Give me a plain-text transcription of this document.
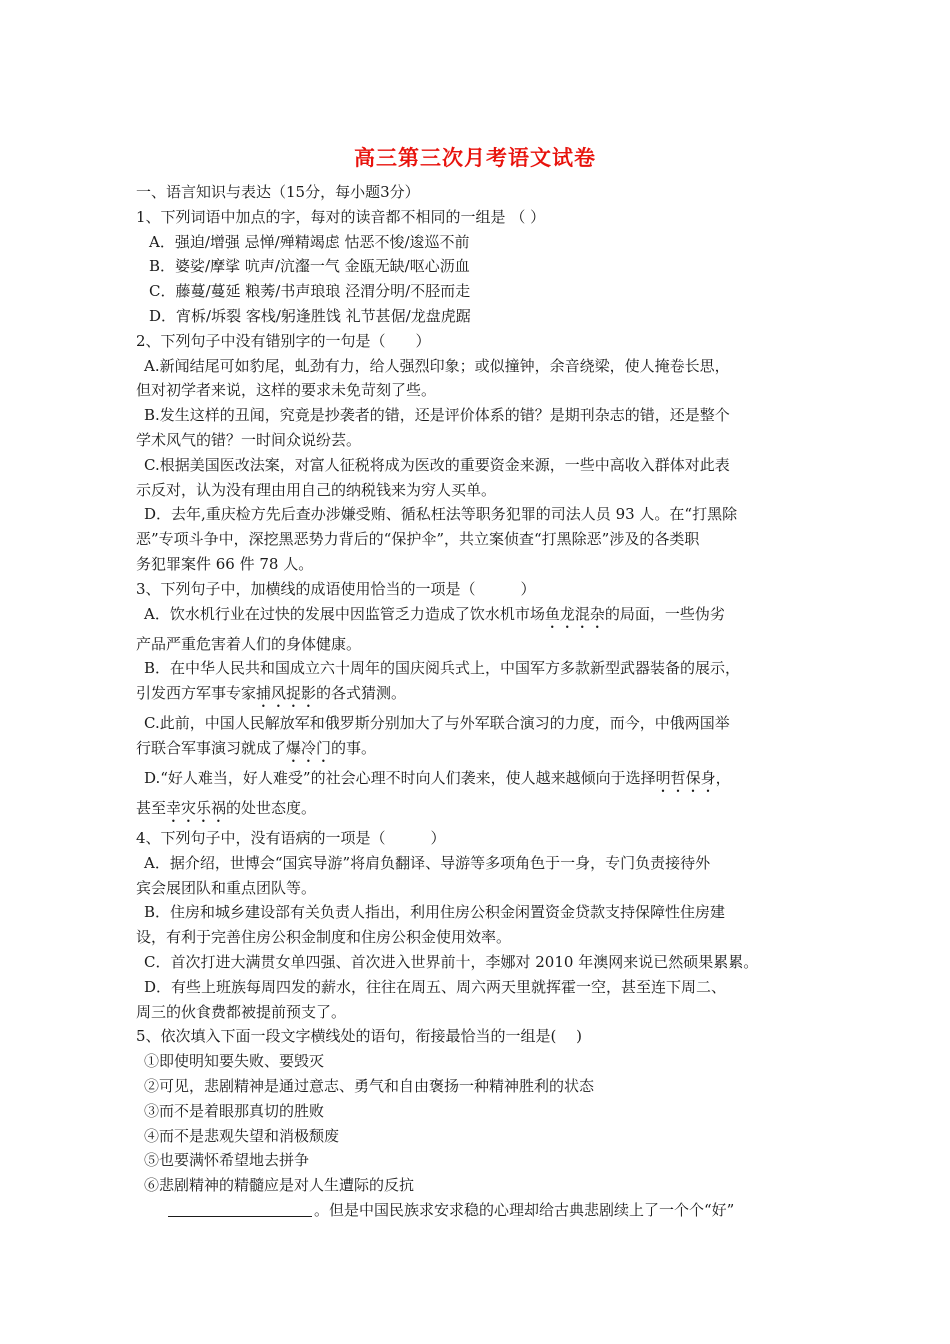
高三第三次月考语文试卷

一、语言知识与表达（15分，每小题3分）

1、下列词语中加点的字，每对的读音都不相同的一组是 （ ）

A．强迫/增强 忌惮/殚精竭虑 怙恶不悛/逡巡不前

B．婆娑/摩挲 吭声/沆瀣一气 金瓯无缺/呕心沥血

C．藤蔓/蔓延 粮莠/书声琅琅 泾渭分明/不胫而走

D．宵柝/坼裂 客栈/躬逢胜饯 礼节甚倨/龙盘虎踞

2、下列句子中没有错别字的一句是（　　）

A.新闻结尾可如豹尾，虬劲有力，给人强烈印象；或似撞钟，余音绕梁，使人掩卷长思，

但对初学者来说，这样的要求未免苛刻了些。

B.发生这样的丑闻，究竟是抄袭者的错，还是评价体系的错？是期刊杂志的错，还是整个

学术风气的错？一时间众说纷芸。

C.根据美国医改法案，对富人征税将成为医改的重要资金来源，一些中高收入群体对此表

示反对，认为没有理由用自己的纳税钱来为穷人买单。

D．去年,重庆检方先后查办涉嫌受贿、循私枉法等职务犯罪的司法人员 93 人。在“打黑除

恶”专项斗争中，深挖黑恶势力背后的“保护伞”，共立案侦查“打黑除恶”涉及的各类职

务犯罪案件 66 件 78 人。

3、下列句子中，加横线的成语使用恰当的一项是（　　　）

A．饮水机行业在过快的发展中因监管乏力造成了饮水机市场鱼龙混杂的局面，一些伪劣

产品严重危害着人们的身体健康。

B．在中华人民共和国成立六十周年的国庆阅兵式上，中国军方多款新型武器装备的展示，

引发西方军事专家捕风捉影的各式猜测。

C.此前，中国人民解放军和俄罗斯分别加大了与外军联合演习的力度，而今，中俄两国举

行联合军事演习就成了爆冷门的事。

D.“好人难当，好人难受”的社会心理不时向人们袭来，使人越来越倾向于选择明哲保身，

甚至幸灾乐祸的处世态度。

4、下列句子中，没有语病的一项是（　　　）

A．据介绍，世博会“国宾导游”将肩负翻译、导游等多项角色于一身，专门负责接待外

宾会展团队和重点团队等。

B．住房和城乡建设部有关负责人指出，利用住房公积金闲置资金贷款支持保障性住房建

设，有利于完善住房公积金制度和住房公积金使用效率。

C．首次打进大满贯女单四强、首次进入世界前十，李娜对 2010 年澳网来说已然硕果累累。

D．有些上班族每周四发的薪水，往往在周五、周六两天里就挥霍一空，甚至连下周二、

周三的伙食费都被提前预支了。

5、依次填入下面一段文字横线处的语句，衔接最恰当的一组是(　 )

①即使明知要失败、要毁灭

②可见，悲剧精神是通过意志、勇气和自由褒扬一种精神胜利的状态

③而不是着眼那真切的胜败

④而不是悲观失望和消极颓废

⑤也要满怀希望地去拼争

⑥悲剧精神的精髓应是对人生遭际的反抗

。但是中国民族求安求稳的心理却给古典悲剧续上了一个个“好”
